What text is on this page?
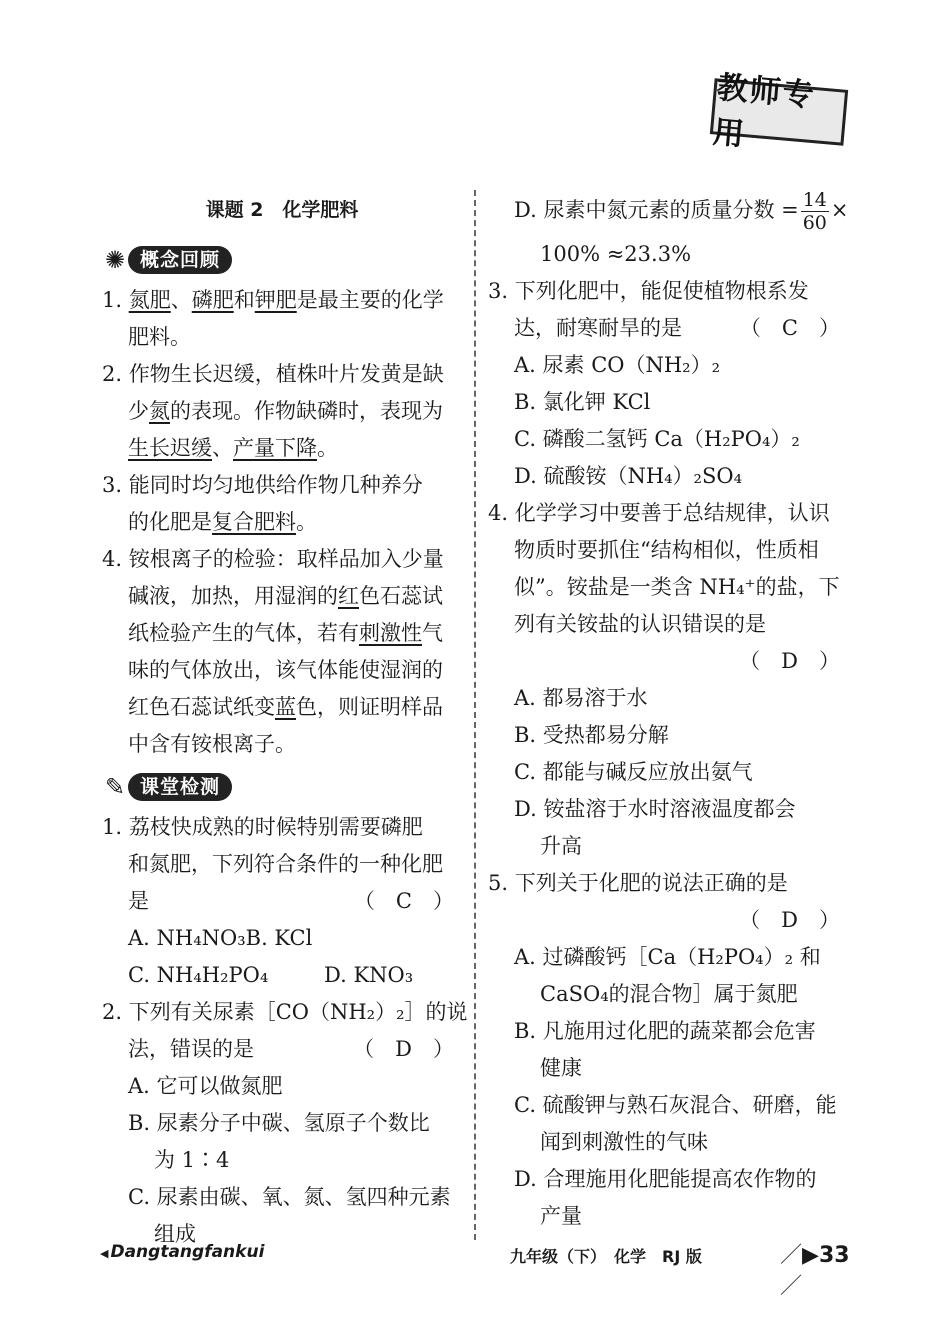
教师专用
课题 2　化学肥料
✺ 概念回顾
1. 氮肥、磷肥和钾肥是最主要的化学
肥料。
2. 作物生长迟缓，植株叶片发黄是缺
少氮的表现。作物缺磷时，表现为
生长迟缓、产量下降。
3. 能同时均匀地供给作物几种养分
的化肥是复合肥料。
4. 铵根离子的检验：取样品加入少量
碱液，加热，用湿润的红色石蕊试
纸检验产生的气体，若有刺激性气
味的气体放出，该气体能使湿润的
红色石蕊试纸变蓝色，则证明样品
中含有铵根离子。
✎ 课堂检测
1. 荔枝快成熟的时候特别需要磷肥
和氮肥，下列符合条件的一种化肥
是	（　C　）
A. NH₄NO₃B. KCl
C. NH₄H₂PO₄	D. KNO₃
2. 下列有关尿素［CO（NH₂）₂］的说
法，错误的是	（　D　）
A. 它可以做氮肥
B. 尿素分子中碳、氢原子个数比
为 1∶4
C. 尿素由碳、氧、氮、氢四种元素
组成
D. 尿素中氮元素的质量分数 = $\frac{14}{60}$ ×
100% ≈23.3%
3. 下列化肥中，能促使植物根系发
达，耐寒耐旱的是	（　C　）
A. 尿素 CO（NH₂）₂
B. 氯化钾 KCl
C. 磷酸二氢钙 Ca（H₂PO₄）₂
D. 硫酸铵（NH₄）₂SO₄
4. 化学学习中要善于总结规律，认识
物质时要抓住“结构相似，性质相
似”。铵盐是一类含 NH₄⁺的盐，下
列有关铵盐的认识错误的是
（　D　）
A. 都易溶于水
B. 受热都易分解
C. 都能与碱反应放出氨气
D. 铵盐溶于水时溶液温度都会
升高
5. 下列关于化肥的说法正确的是
（　D　）
A. 过磷酸钙［Ca（H₂PO₄）₂ 和
CaSO₄的混合物］属于氮肥
B. 凡施用过化肥的蔬菜都会危害
健康
C. 硫酸钾与熟石灰混合、研磨，能
闻到刺激性的气味
D. 合理施用化肥能提高农作物的
产量
◀ Dangtangfankui	九年级（下）　化学　RJ 版	／▶33／
